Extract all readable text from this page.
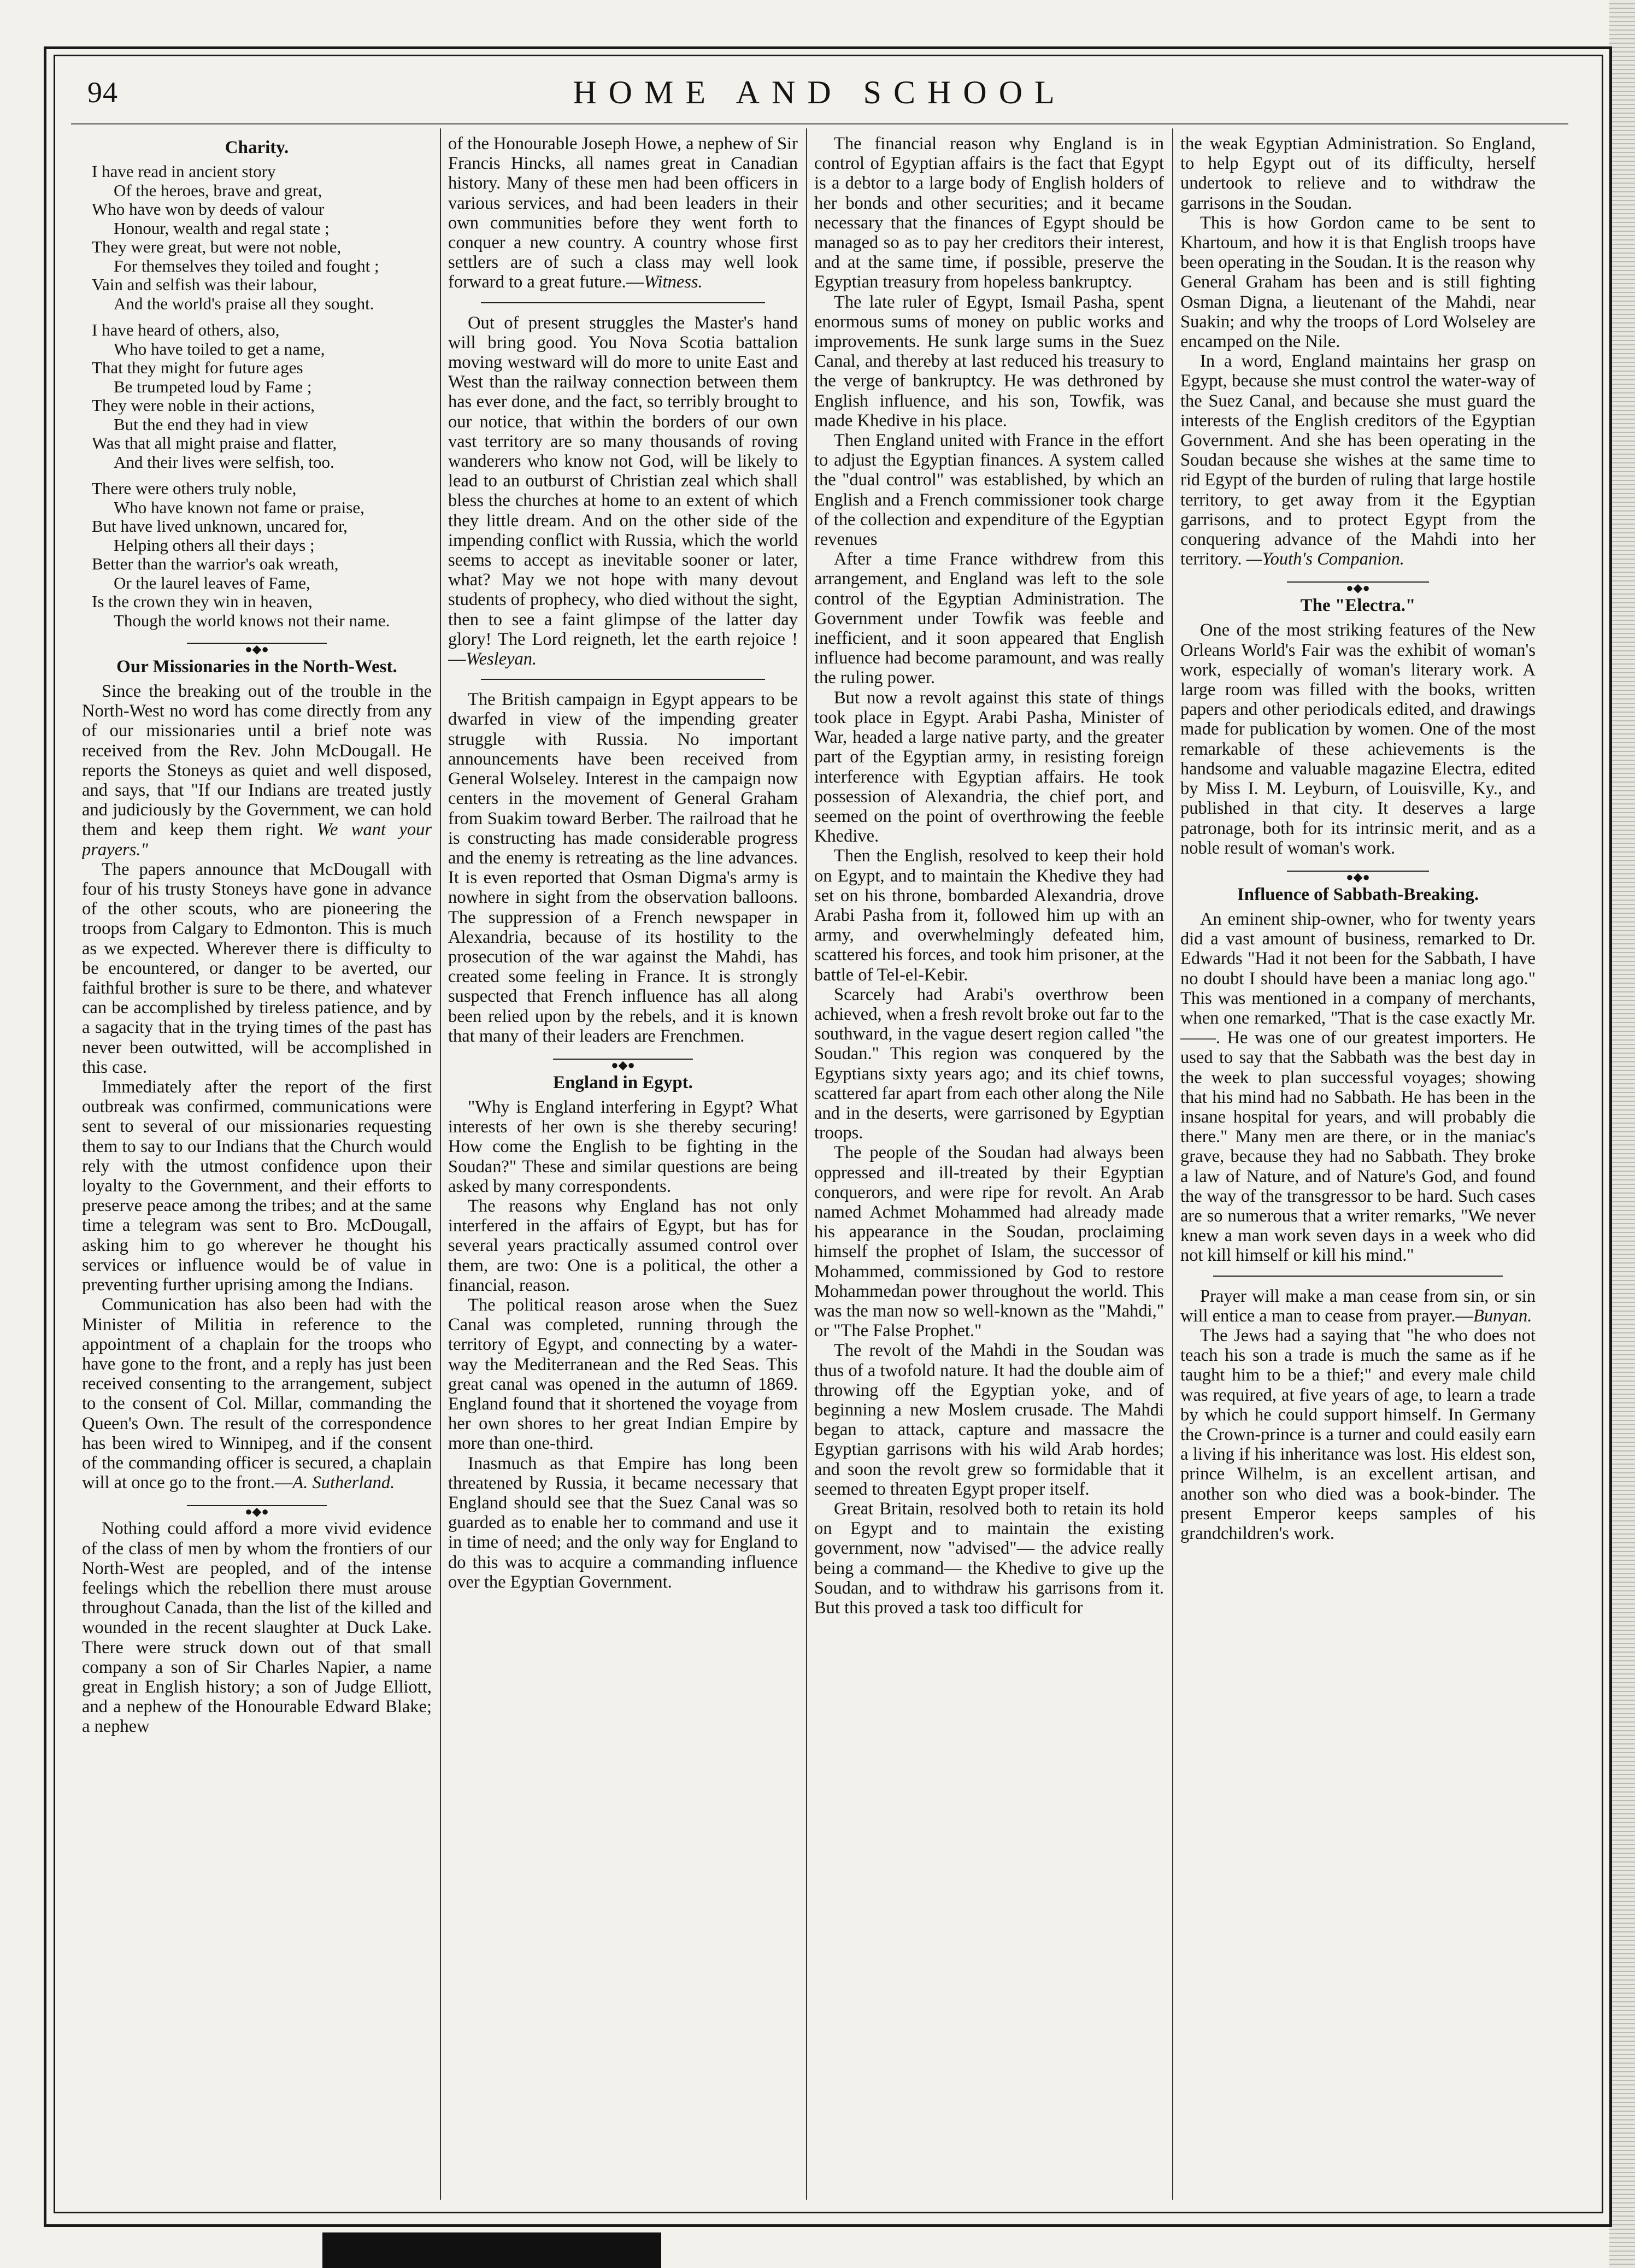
94	HOME AND SCHOOL
Charity.
I have read in ancient story
Of the heroes, brave and great,
Who have won by deeds of valour
Honour, wealth and regal state ;
They were great, but were not noble,
For themselves they toiled and fought ;
Vain and selfish was their labour,
And the world's praise all they sought.
I have heard of others, also,
Who have toiled to get a name,
That they might for future ages
Be trumpeted loud by Fame ;
They were noble in their actions,
But the end they had in view
Was that all might praise and flatter,
And their lives were selfish, too.
There were others truly noble,
Who have known not fame or praise,
But have lived unknown, uncared for,
Helping others all their days ;
Better than the warrior's oak wreath,
Or the laurel leaves of Fame,
Is the crown they win in heaven,
Though the world knows not their name.
●◆●
Our Missionaries in the North-West.

Since the breaking out of the trouble in the North-West no word has come directly from any of our missionaries until a brief note was received from the Rev. John McDougall. He reports the Stoneys as quiet and well disposed, and says, that "If our Indians are treated justly and judiciously by the Government, we can hold them and keep them right. We want your prayers."

The papers announce that McDougall with four of his trusty Stoneys have gone in advance of the other scouts, who are pioneering the troops from Calgary to Edmonton. This is much as we expected. Wherever there is difficulty to be encountered, or danger to be averted, our faithful brother is sure to be there, and whatever can be accomplished by tireless patience, and by a sagacity that in the trying times of the past has never been outwitted, will be accomplished in this case.

Immediately after the report of the first outbreak was confirmed, communications were sent to several of our missionaries requesting them to say to our Indians that the Church would rely with the utmost confidence upon their loyalty to the Government, and their efforts to preserve peace among the tribes; and at the same time a telegram was sent to Bro. McDougall, asking him to go wherever he thought his services or influence would be of value in preventing further uprising among the Indians.

Communication has also been had with the Minister of Militia in reference to the appointment of a chaplain for the troops who have gone to the front, and a reply has just been received consenting to the arrangement, subject to the consent of Col. Millar, commanding the Queen's Own. The result of the correspondence has been wired to Winnipeg, and if the consent of the commanding officer is secured, a chaplain will at once go to the front.—A. Sutherland.

●◆●

Nothing could afford a more vivid evidence of the class of men by whom the frontiers of our North-West are peopled, and of the intense feelings which the rebellion there must arouse throughout Canada, than the list of the killed and wounded in the recent slaughter at Duck Lake. There were struck down out of that small company a son of Sir Charles Napier, a name great in English history; a son of Judge Elliott, and a nephew of the Honourable Edward Blake; a nephew

of the Honourable Joseph Howe, a nephew of Sir Francis Hincks, all names great in Canadian history. Many of these men had been officers in various services, and had been leaders in their own communities before they went forth to conquer a new country. A country whose first settlers are of such a class may well look forward to a great future.—Witness.

Out of present struggles the Master's hand will bring good. You Nova Scotia battalion moving westward will do more to unite East and West than the railway connection between them has ever done, and the fact, so terribly brought to our notice, that within the borders of our own vast territory are so many thousands of roving wanderers who know not God, will be likely to lead to an outburst of Christian zeal which shall bless the churches at home to an extent of which they little dream. And on the other side of the impending conflict with Russia, which the world seems to accept as inevitable sooner or later, what? May we not hope with many devout students of prophecy, who died without the sight, then to see a faint glimpse of the latter day glory! The Lord reigneth, let the earth rejoice !—Wesleyan.

The British campaign in Egypt appears to be dwarfed in view of the impending greater struggle with Russia. No important announcements have been received from General Wolseley. Interest in the campaign now centers in the movement of General Graham from Suakim toward Berber. The railroad that he is constructing has made considerable progress and the enemy is retreating as the line advances. It is even reported that Osman Digma's army is nowhere in sight from the observation balloons. The suppression of a French newspaper in Alexandria, because of its hostility to the prosecution of the war against the Mahdi, has created some feeling in France. It is strongly suspected that French influence has all along been relied upon by the rebels, and it is known that many of their leaders are Frenchmen.

●◆●
England in Egypt.

"Why is England interfering in Egypt? What interests of her own is she thereby securing! How come the English to be fighting in the Soudan?" These and similar questions are being asked by many correspondents.

The reasons why England has not only interfered in the affairs of Egypt, but has for several years practically assumed control over them, are two: One is a political, the other a financial, reason.

The political reason arose when the Suez Canal was completed, running through the territory of Egypt, and connecting by a water-way the Mediterranean and the Red Seas. This great canal was opened in the autumn of 1869. England found that it shortened the voyage from her own shores to her great Indian Empire by more than one-third.

Inasmuch as that Empire has long been threatened by Russia, it became necessary that England should see that the Suez Canal was so guarded as to enable her to command and use it in time of need; and the only way for England to do this was to acquire a commanding influence over the Egyptian Government.

The financial reason why England is in control of Egyptian affairs is the fact that Egypt is a debtor to a large body of English holders of her bonds and other securities; and it became necessary that the finances of Egypt should be managed so as to pay her creditors their interest, and at the same time, if possible, preserve the Egyptian treasury from hopeless bankruptcy.

The late ruler of Egypt, Ismail Pasha, spent enormous sums of money on public works and improvements. He sunk large sums in the Suez Canal, and thereby at last reduced his treasury to the verge of bankruptcy. He was dethroned by English influence, and his son, Towfik, was made Khedive in his place.

Then England united with France in the effort to adjust the Egyptian finances. A system called the "dual control" was established, by which an English and a French commissioner took charge of the collection and expenditure of the Egyptian revenues

After a time France withdrew from this arrangement, and England was left to the sole control of the Egyptian Administration. The Government under Towfik was feeble and inefficient, and it soon appeared that English influence had become paramount, and was really the ruling power.

But now a revolt against this state of things took place in Egypt. Arabi Pasha, Minister of War, headed a large native party, and the greater part of the Egyptian army, in resisting foreign interference with Egyptian affairs. He took possession of Alexandria, the chief port, and seemed on the point of overthrowing the feeble Khedive.

Then the English, resolved to keep their hold on Egypt, and to maintain the Khedive they had set on his throne, bombarded Alexandria, drove Arabi Pasha from it, followed him up with an army, and overwhelmingly defeated him, scattered his forces, and took him prisoner, at the battle of Tel-el-Kebir.

Scarcely had Arabi's overthrow been achieved, when a fresh revolt broke out far to the southward, in the vague desert region called "the Soudan." This region was conquered by the Egyptians sixty years ago; and its chief towns, scattered far apart from each other along the Nile and in the deserts, were garrisoned by Egyptian troops.

The people of the Soudan had always been oppressed and ill-treated by their Egyptian conquerors, and were ripe for revolt. An Arab named Achmet Mohammed had already made his appearance in the Soudan, proclaiming himself the prophet of Islam, the successor of Mohammed, commissioned by God to restore Mohammedan power throughout the world. This was the man now so well-known as the "Mahdi," or "The False Prophet."

The revolt of the Mahdi in the Soudan was thus of a twofold nature. It had the double aim of throwing off the Egyptian yoke, and of beginning a new Moslem crusade. The Mahdi began to attack, capture and massacre the Egyptian garrisons with his wild Arab hordes; and soon the revolt grew so formidable that it seemed to threaten Egypt proper itself.

Great Britain, resolved both to retain its hold on Egypt and to maintain the existing government, now "advised"— the advice really being a command— the Khedive to give up the Soudan, and to withdraw his garrisons from it. But this proved a task too difficult for

the weak Egyptian Administration. So England, to help Egypt out of its difficulty, herself undertook to relieve and to withdraw the garrisons in the Soudan.

This is how Gordon came to be sent to Khartoum, and how it is that English troops have been operating in the Soudan. It is the reason why General Graham has been and is still fighting Osman Digna, a lieutenant of the Mahdi, near Suakin; and why the troops of Lord Wolseley are encamped on the Nile.

In a word, England maintains her grasp on Egypt, because she must control the water-way of the Suez Canal, and because she must guard the interests of the English creditors of the Egyptian Government. And she has been operating in the Soudan because she wishes at the same time to rid Egypt of the burden of ruling that large hostile territory, to get away from it the Egyptian garrisons, and to protect Egypt from the conquering advance of the Mahdi into her territory. —Youth's Companion.

●◆●
The "Electra."

One of the most striking features of the New Orleans World's Fair was the exhibit of woman's work, especially of woman's literary work. A large room was filled with the books, written papers and other periodicals edited, and drawings made for publication by women. One of the most remarkable of these achievements is the handsome and valuable magazine Electra, edited by Miss I. M. Leyburn, of Louisville, Ky., and published in that city. It deserves a large patronage, both for its intrinsic merit, and as a noble result of woman's work.

●◆●
Influence of Sabbath-Breaking.

An eminent ship-owner, who for twenty years did a vast amount of business, remarked to Dr. Edwards "Had it not been for the Sabbath, I have no doubt I should have been a maniac long ago." This was mentioned in a company of merchants, when one remarked, "That is the case exactly Mr. ——. He was one of our greatest importers. He used to say that the Sabbath was the best day in the week to plan successful voyages; showing that his mind had no Sabbath. He has been in the insane hospital for years, and will probably die there." Many men are there, or in the maniac's grave, because they had no Sabbath. They broke a law of Nature, and of Nature's God, and found the way of the transgressor to be hard. Such cases are so numerous that a writer remarks, "We never knew a man work seven days in a week who did not kill himself or kill his mind."

Prayer will make a man cease from sin, or sin will entice a man to cease from prayer.—Bunyan.

The Jews had a saying that "he who does not teach his son a trade is much the same as if he taught him to be a thief;" and every male child was required, at five years of age, to learn a trade by which he could support himself. In Germany the Crown-prince is a turner and could easily earn a living if his inheritance was lost. His eldest son, prince Wilhelm, is an excellent artisan, and another son who died was a book-binder. The present Emperor keeps samples of his grandchildren's work.
